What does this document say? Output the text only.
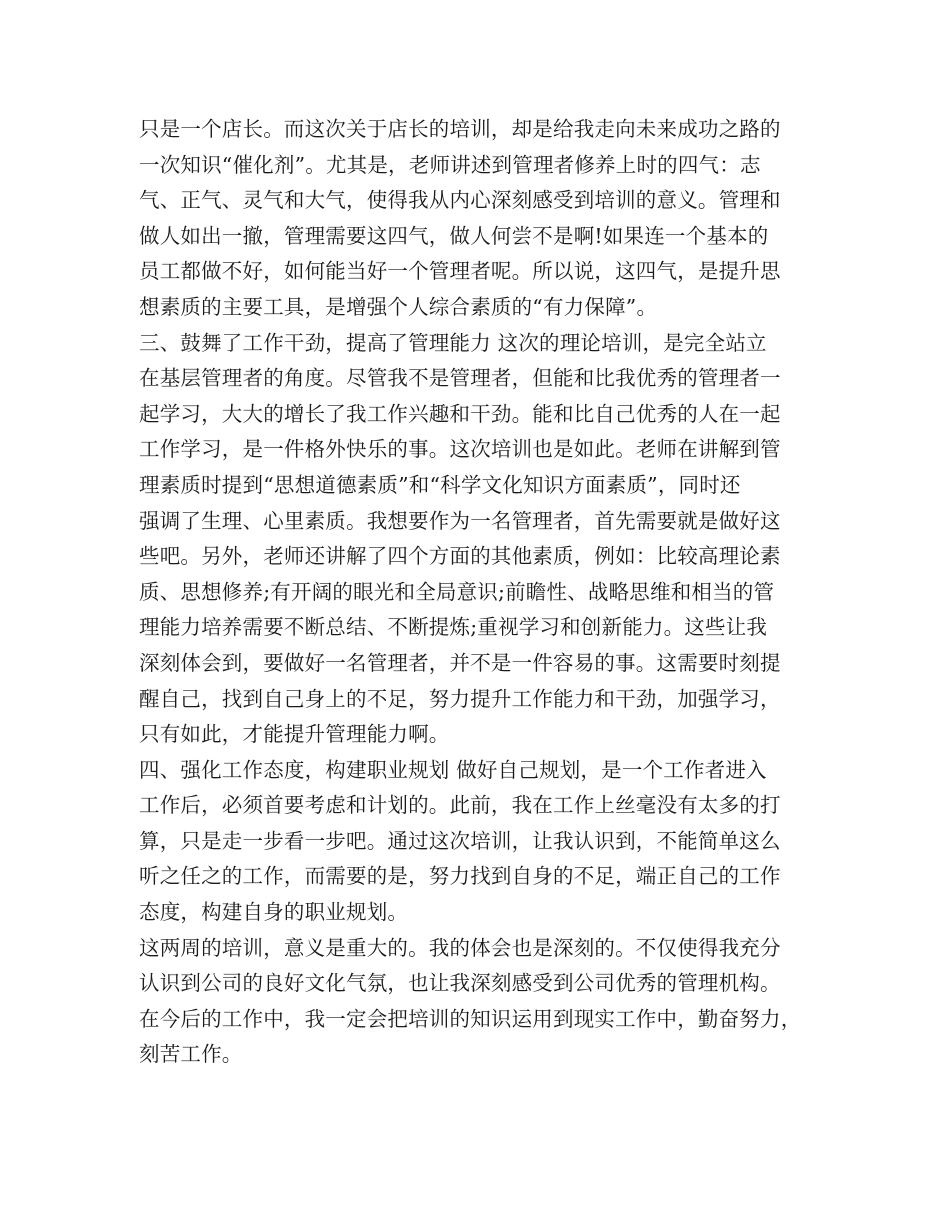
只是一个店长。而这次关于店长的培训，却是给我走向未来成功之路的
一次知识“催化剂”。尤其是，老师讲述到管理者修养上时的四气：志
气、正气、灵气和大气，使得我从内心深刻感受到培训的意义。管理和
做人如出一撤，管理需要这四气，做人何尝不是啊!如果连一个基本的
员工都做不好，如何能当好一个管理者呢。所以说，这四气，是提升思
想素质的主要工具，是增强个人综合素质的“有力保障”。
三、鼓舞了工作干劲，提高了管理能力 这次的理论培训，是完全站立
在基层管理者的角度。尽管我不是管理者，但能和比我优秀的管理者一
起学习，大大的增长了我工作兴趣和干劲。能和比自己优秀的人在一起
工作学习，是一件格外快乐的事。这次培训也是如此。老师在讲解到管
理素质时提到“思想道德素质”和“科学文化知识方面素质”，同时还
强调了生理、心里素质。我想要作为一名管理者，首先需要就是做好这
些吧。另外，老师还讲解了四个方面的其他素质，例如：比较高理论素
质、思想修养;有开阔的眼光和全局意识;前瞻性、战略思维和相当的管
理能力培养需要不断总结、不断提炼;重视学习和创新能力。这些让我
深刻体会到，要做好一名管理者，并不是一件容易的事。这需要时刻提
醒自己，找到自己身上的不足，努力提升工作能力和干劲，加强学习，
只有如此，才能提升管理能力啊。
四、强化工作态度，构建职业规划 做好自己规划，是一个工作者进入
工作后，必须首要考虑和计划的。此前，我在工作上丝毫没有太多的打
算，只是走一步看一步吧。通过这次培训，让我认识到，不能简单这么
听之任之的工作，而需要的是，努力找到自身的不足，端正自己的工作
态度，构建自身的职业规划。
这两周的培训，意义是重大的。我的体会也是深刻的。不仅使得我充分
认识到公司的良好文化气氛，也让我深刻感受到公司优秀的管理机构。
在今后的工作中，我一定会把培训的知识运用到现实工作中，勤奋努力，
刻苦工作。
